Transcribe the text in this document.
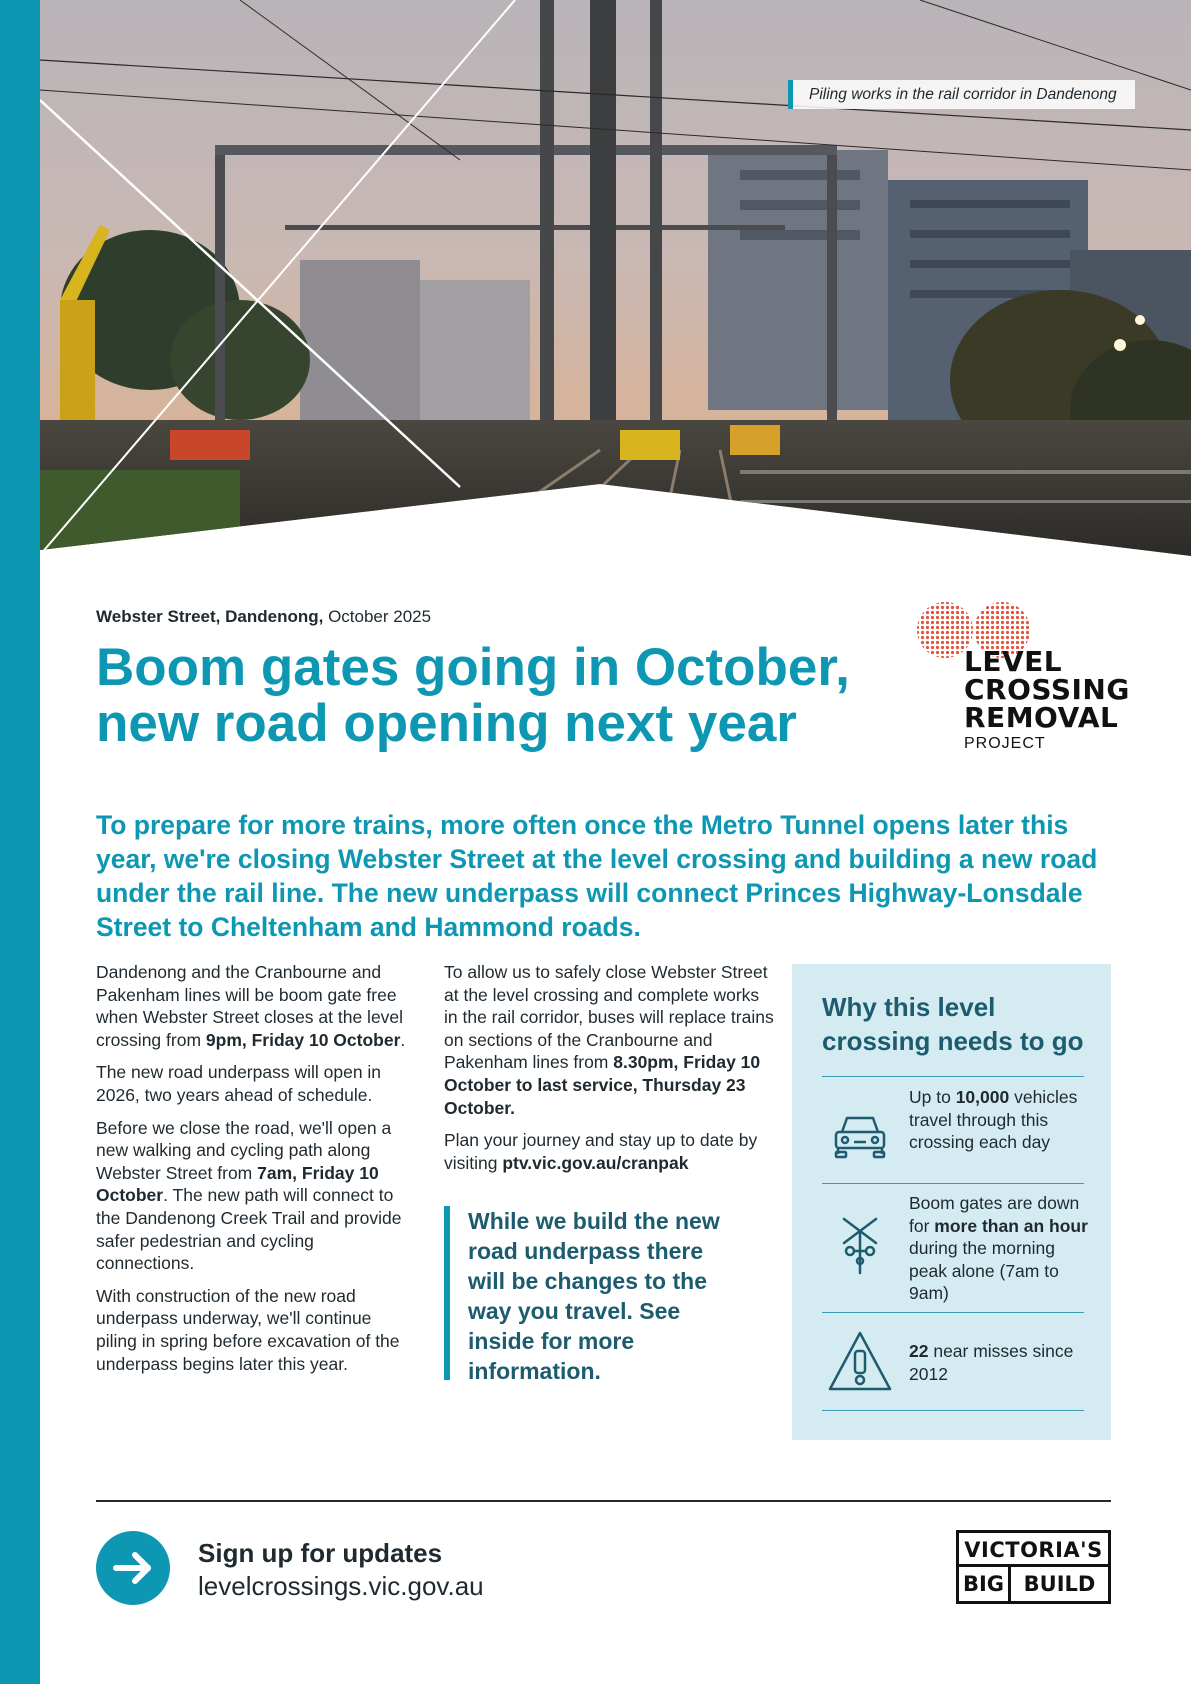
Piling works in the rail corridor in Dandenong
Webster Street, Dandenong, October 2025
Boom gates going in October,
new road opening next year
LEVEL
CROSSING
REMOVAL
PROJECT

To prepare for more trains, more often once the Metro Tunnel opens later this year, we're closing Webster Street at the level crossing and building a new road under the rail line. The new underpass will connect Princes Highway-Lonsdale Street to Cheltenham and Hammond roads.

Dandenong and the Cranbourne and Pakenham lines will be boom gate free when Webster Street closes at the level crossing from 9pm, Friday 10 October.

The new road underpass will open in 2026, two years ahead of schedule.

Before we close the road, we'll open a new walking and cycling path along Webster Street from 7am, Friday 10 October. The new path will connect to the Dandenong Creek Trail and provide safer pedestrian and cycling connections.

With construction of the new road underpass underway, we'll continue piling in spring before excavation of the underpass begins later this year.

To allow us to safely close Webster Street at the level crossing and complete works in the rail corridor, buses will replace trains on sections of the Cranbourne and Pakenham lines from 8.30pm, Friday 10 October to last service, Thursday 23 October.

Plan your journey and stay up to date by visiting ptv.vic.gov.au/cranpak

While we build the new road underpass there will be changes to the way you travel. See inside for more information.

Why this level crossing needs to go

Up to 10,000 vehicles travel through this crossing each day

Boom gates are down for more than an hour during the morning peak alone (7am to 9am)

22 near misses since 2012

Sign up for updates
levelcrossings.vic.gov.au
VICTORIA'S
BIG BUILD
